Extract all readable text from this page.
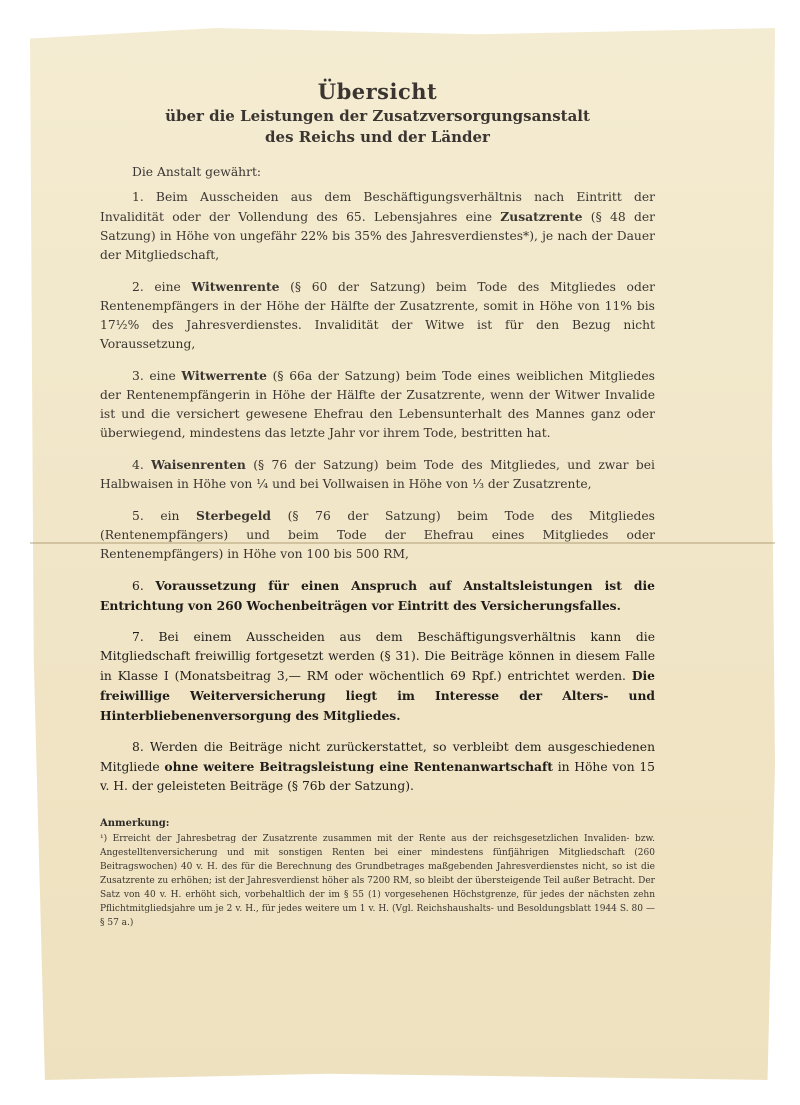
Übersicht
über die Leistungen der Zusatzversorgungsanstalt
des Reichs und der Länder

Die Anstalt gewährt:

1. Beim Ausscheiden aus dem Beschäftigungsverhältnis nach Eintritt der Invalidität oder der Vollendung des 65. Lebensjahres eine Zusatzrente (§ 48 der Satzung) in Höhe von ungefähr 22% bis 35% des Jahresverdienstes*), je nach der Dauer der Mitgliedschaft,

2. eine Witwenrente (§ 60 der Satzung) beim Tode des Mitgliedes oder Rentenempfängers in der Höhe der Hälfte der Zusatzrente, somit in Höhe von 11% bis 17½% des Jahresverdienstes. Invalidität der Witwe ist für den Bezug nicht Voraussetzung,

3. eine Witwerrente (§ 66a der Satzung) beim Tode eines weiblichen Mitgliedes der Rentenempfängerin in Höhe der Hälfte der Zusatzrente, wenn der Witwer Invalide ist und die versichert gewesene Ehefrau den Lebensunterhalt des Mannes ganz oder überwiegend, mindestens das letzte Jahr vor ihrem Tode, bestritten hat.

4. Waisenrenten (§ 76 der Satzung) beim Tode des Mitgliedes, und zwar bei Halbwaisen in Höhe von ¼ und bei Vollwaisen in Höhe von ⅓ der Zusatzrente,

5. ein Sterbegeld (§ 76 der Satzung) beim Tode des Mitgliedes (Rentenempfängers) und beim Tode der Ehefrau eines Mitgliedes oder Rentenempfängers) in Höhe von 100 bis 500 RM,

6. Voraussetzung für einen Anspruch auf Anstaltsleistungen ist die Entrichtung von 260 Wochenbeiträgen vor Eintritt des Versicherungsfalles.

7. Bei einem Ausscheiden aus dem Beschäftigungsverhältnis kann die Mitgliedschaft freiwillig fortgesetzt werden (§ 31). Die Beiträge können in diesem Falle in Klasse I (Monatsbeitrag 3,— RM oder wöchentlich 69 Rpf.) entrichtet werden. Die freiwillige Weiterversicherung liegt im Interesse der Alters- und Hinterbliebenenversorgung des Mitgliedes.

8. Werden die Beiträge nicht zurückerstattet, so verbleibt dem ausgeschiedenen Mitgliede ohne weitere Beitragsleistung eine Rentenanwartschaft in Höhe von 15 v. H. der geleisteten Beiträge (§ 76b der Satzung).

Anmerkung:

¹) Erreicht der Jahresbetrag der Zusatzrente zusammen mit der Rente aus der reichsgesetzlichen Invaliden- bzw. Angestelltenversicherung und mit sonstigen Renten bei einer mindestens fünfjährigen Mitgliedschaft (260 Beitragswochen) 40 v. H. des für die Berechnung des Grundbetrages maßgebenden Jahresverdienstes nicht, so ist die Zusatzrente zu erhöhen; ist der Jahresverdienst höher als 7200 RM, so bleibt der übersteigende Teil außer Betracht. Der Satz von 40 v. H. erhöht sich, vorbehaltlich der im § 55 (1) vorgesehenen Höchstgrenze, für jedes der nächsten zehn Pflichtmitgliedsjahre um je 2 v. H., für jedes weitere um 1 v. H. (Vgl. Reichshaushalts- und Besoldungsblatt 1944 S. 80 — § 57 a.)
